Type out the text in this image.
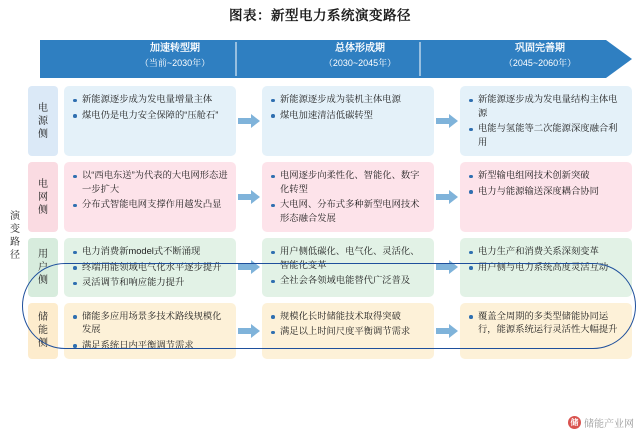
图表：新型电力系统演变路径
加速转型期
（当前~2030年）
总体形成期
（2030~2045年）
巩固完善期
（2045~2060年）
演变路径
电源侧
新能源逐步成为发电量增量主体
煤电仍是电力安全保障的“压舱石”
新能源逐步成为装机主体电源
煤电加速清洁低碳转型
新能源逐步成为发电量结构主体电源
电能与氢能等二次能源深度融合利用
电网侧
以“西电东送”为代表的大电网形态进一步扩大
分布式智能电网支撑作用越发凸显
电网逐步向柔性化、智能化、数字化转型
大电网、分布式多种新型电网技术形态融合发展
新型输电组网技术创新突破
电力与能源输送深度耦合协同
用户侧
电力消费新model式不断涌现
终端用能领域电气化水平逐步提升
灵活调节和响应能力提升
用户侧低碳化、电气化、灵活化、智能化变革
全社会各领域电能替代广泛普及
电力生产和消费关系深刻变革
用户侧与电力系统高度灵活互动
储能侧
储能多应用场景多技术路线规模化发展
满足系统日内平衡调节需求
规模化长时储能技术取得突破
满足以上时间尺度平衡调节需求
覆盖全周期的多类型储能协同运行，能源系统运行灵活性大幅提升
储 储能产业网
